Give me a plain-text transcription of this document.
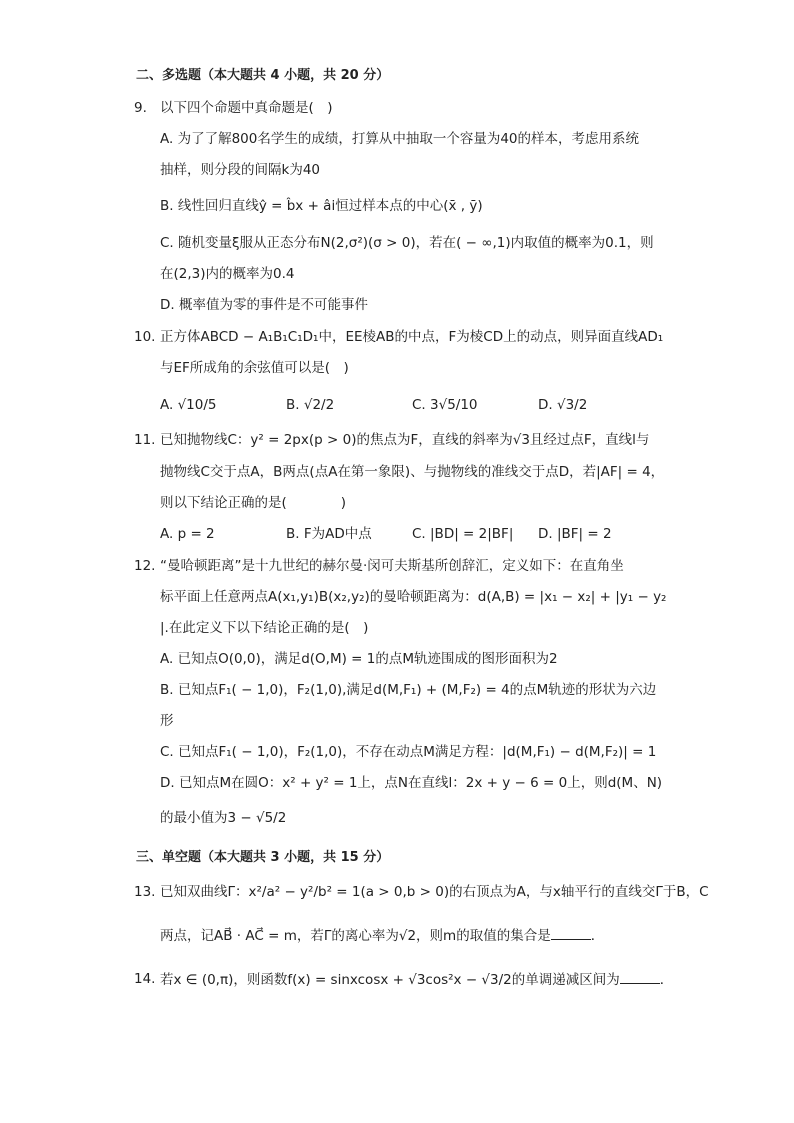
二、多选题（本大题共 4 小题，共 20 分）
9. 以下四个命题中真命题是(　)
A. 为了了解800名学生的成绩，打算从中抽取一个容量为40的样本，考虑用系统
抽样，则分段的间隔k为40
B. 线性回归直线ŷ = b̂x + âi恒过样本点的中心(x̄ , ȳ)
C. 随机变量ξ服从正态分布N(2,σ²)(σ > 0)，若在( − ∞,1)内取值的概率为0.1，则
在(2,3)内的概率为0.4
D. 概率值为零的事件是不可能事件
10. 正方体ABCD − A₁B₁C₁D₁中，EE棱AB的中点，F为棱CD上的动点，则异面直线AD₁
与EF所成角的余弦值可以是(　)
A. √10/5	B. √2/2	C. 3√5/10	D. √3/2
11. 已知抛物线C：y² = 2px(p > 0)的焦点为F，直线的斜率为√3且经过点F，直线l与
抛物线C交于点A，B两点(点A在第一象限)、与抛物线的准线交于点D，若|AF| = 4，
则以下结论正确的是(　　　　)
A. p = 2	B. F为AD中点	C. |BD| = 2|BF| D. |BF| = 2
12. “曼哈顿距离”是十九世纪的赫尔曼·闵可夫斯基所创辞汇，定义如下：在直角坐
标平面上任意两点A(x₁,y₁)B(x₂,y₂)的曼哈顿距离为：d(A,B) = |x₁ − x₂| + |y₁ − y₂
|.在此定义下以下结论正确的是(　)
A. 已知点O(0,0)，满足d(O,M) = 1的点M轨迹围成的图形面积为2
B. 已知点F₁( − 1,0)，F₂(1,0),满足d(M,F₁) + (M,F₂) = 4的点M轨迹的形状为六边
形
C. 已知点F₁( − 1,0)，F₂(1,0)，不存在动点M满足方程：|d(M,F₁) − d(M,F₂)| = 1
D. 已知点M在圆O：x² + y² = 1上，点N在直线l：2x + y − 6 = 0上，则d(M、N)
的最小值为3 − √5/2
三、单空题（本大题共 3 小题，共 15 分）
13. 已知双曲线Γ：x²/a² − y²/b² = 1(a > 0,b > 0)的右顶点为A，与x轴平行的直线交Γ于B，C
两点，记AB⃗ · AC⃗ = m，若Γ的离心率为√2，则m的取值的集合是	．
14. 若x ∈ (0,π)，则函数f(x) = sinxcosx + √3cos²x − √3/2的单调递减区间为	．
